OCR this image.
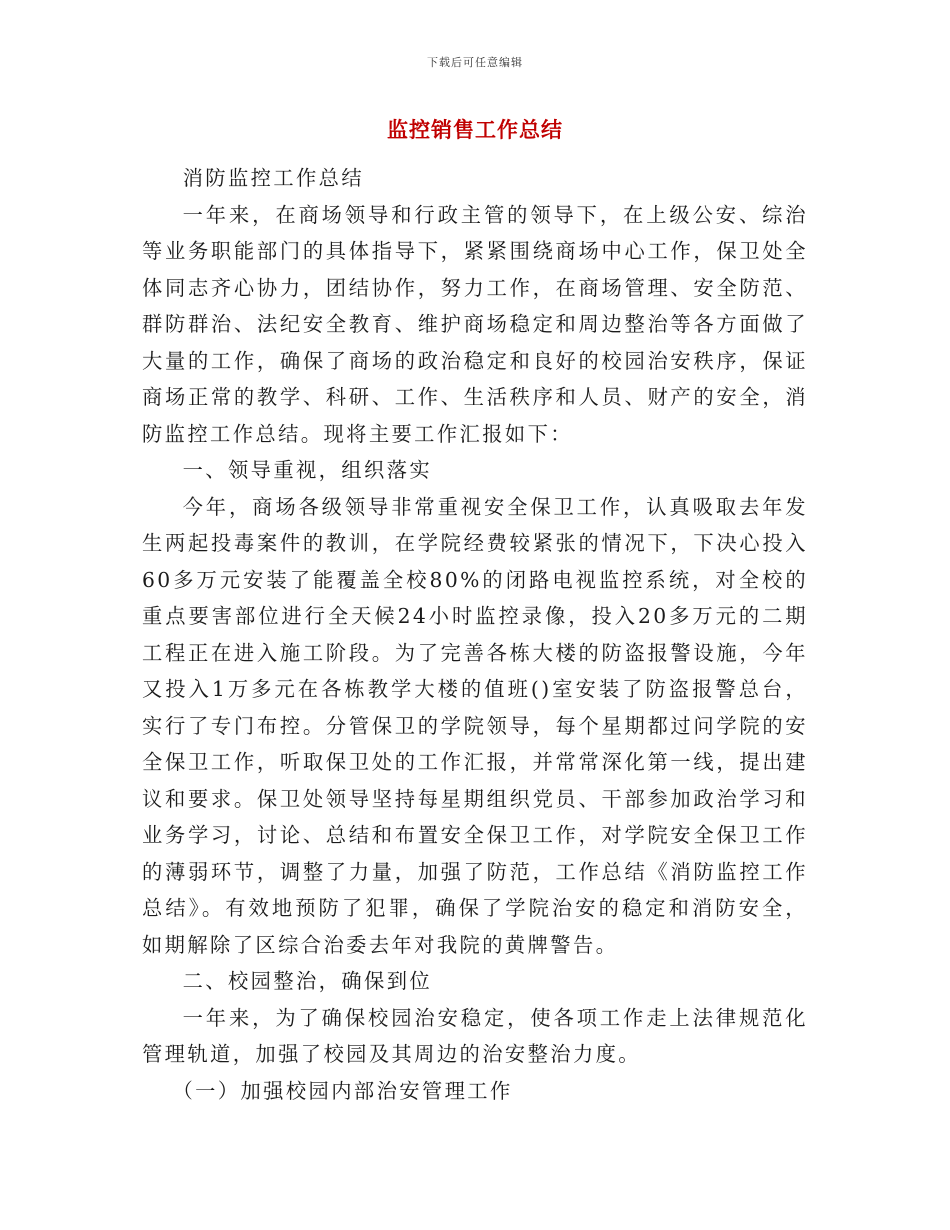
下载后可任意编辑
监控销售工作总结

消防监控工作总结

一年来，在商场领导和行政主管的领导下，在上级公安、综治等业务职能部门的具体指导下，紧紧围绕商场中心工作，保卫处全体同志齐心协力，团结协作，努力工作，在商场管理、安全防范、群防群治、法纪安全教育、维护商场稳定和周边整治等各方面做了大量的工作，确保了商场的政治稳定和良好的校园治安秩序，保证商场正常的教学、科研、工作、生活秩序和人员、财产的安全，消防监控工作总结。现将主要工作汇报如下：

一、领导重视，组织落实

今年，商场各级领导非常重视安全保卫工作，认真吸取去年发生两起投毒案件的教训，在学院经费较紧张的情况下，下决心投入60多万元安装了能覆盖全校80%的闭路电视监控系统，对全校的重点要害部位进行全天候24小时监控录像，投入20多万元的二期工程正在进入施工阶段。为了完善各栋大楼的防盗报警设施，今年又投入1万多元在各栋教学大楼的值班()室安装了防盗报警总台，实行了专门布控。分管保卫的学院领导，每个星期都过问学院的安全保卫工作，听取保卫处的工作汇报，并常常深化第一线，提出建议和要求。保卫处领导坚持每星期组织党员、干部参加政治学习和业务学习，讨论、总结和布置安全保卫工作，对学院安全保卫工作的薄弱环节，调整了力量，加强了防范，工作总结《消防监控工作总结》。有效地预防了犯罪，确保了学院治安的稳定和消防安全，如期解除了区综合治委去年对我院的黄牌警告。

二、校园整治，确保到位

一年来，为了确保校园治安稳定，使各项工作走上法律规范化管理轨道，加强了校园及其周边的治安整治力度。

（一）加强校园内部治安管理工作
